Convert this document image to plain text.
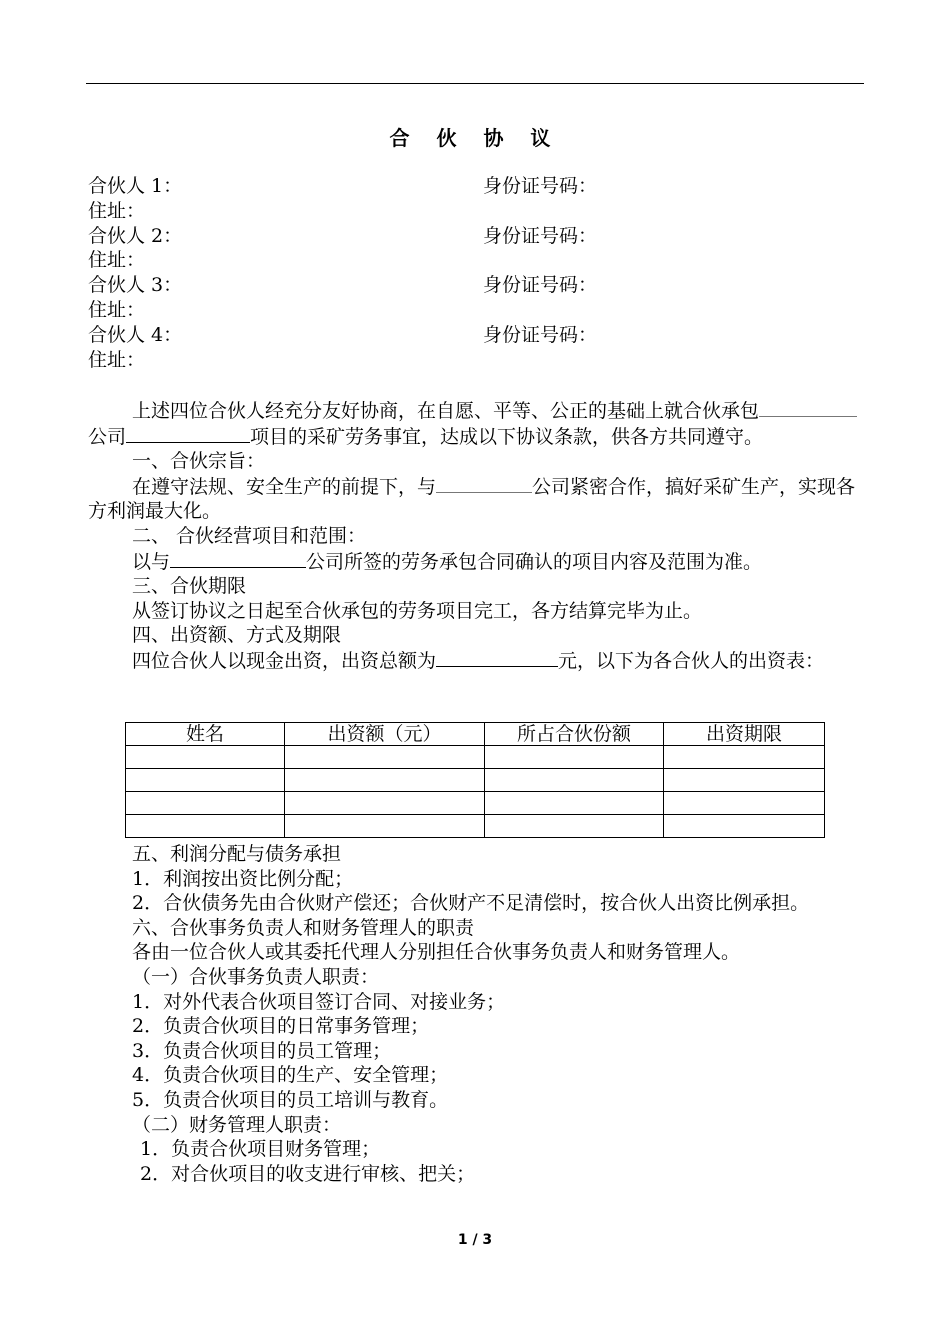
合 伙 协 议
合伙人 1：	身份证号码：
住址：
合伙人 2：	身份证号码：
住址：
合伙人 3：	身份证号码：
住址：
合伙人 4：	身份证号码：
住址：

上述四位合伙人经充分友好协商，在自愿、平等、公正的基础上就合伙承包公司	项目的采矿劳务事宜，达成以下协议条款，供各方共同遵守。

一、合伙宗旨：

在遵守法规、安全生产的前提下，与	公司紧密合作，搞好采矿生产，实现各方利润最大化。

二、 合伙经营项目和范围：

以与	公司所签的劳务承包合同确认的项目内容及范围为准。

三、合伙期限

从签订协议之日起至合伙承包的劳务项目完工，各方结算完毕为止。

四、出资额、方式及期限

四位合伙人以现金出资，出资总额为	元，以下为各合伙人的出资表：

姓名	出资额（元）	所占合伙份额	出资期限

五、利润分配与债务承担

1．利润按出资比例分配；

2．合伙债务先由合伙财产偿还；合伙财产不足清偿时，按合伙人出资比例承担。

六、合伙事务负责人和财务管理人的职责

各由一位合伙人或其委托代理人分别担任合伙事务负责人和财务管理人。

（一）合伙事务负责人职责：

1．对外代表合伙项目签订合同、对接业务；

2．负责合伙项目的日常事务管理；

3．负责合伙项目的员工管理；

4．负责合伙项目的生产、安全管理；

5．负责合伙项目的员工培训与教育。

（二）财务管理人职责：

1．负责合伙项目财务管理；

2．对合伙项目的收支进行审核、把关；

1 / 3
